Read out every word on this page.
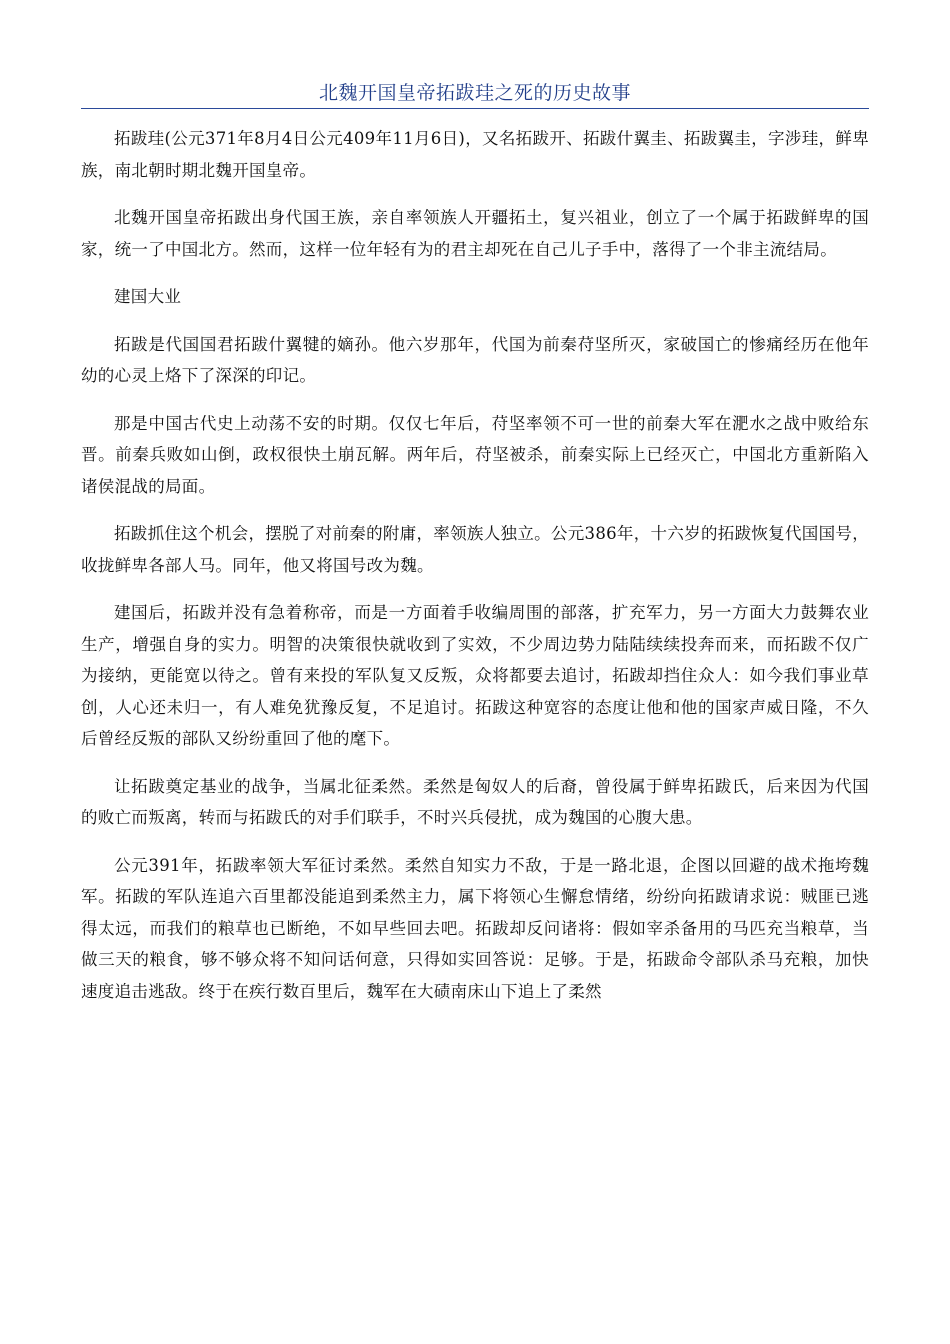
北魏开国皇帝拓跋珪之死的历史故事

拓跋珪(公元371年8月4日公元409年11月6日)，又名拓跋开、拓跋什翼圭、拓跋翼圭，字涉珪，鲜卑族，南北朝时期北魏开国皇帝。

北魏开国皇帝拓跋出身代国王族，亲自率领族人开疆拓土，复兴祖业，创立了一个属于拓跋鲜卑的国家，统一了中国北方。然而，这样一位年轻有为的君主却死在自己儿子手中，落得了一个非主流结局。

建国大业

拓跋是代国国君拓跋什翼犍的嫡孙。他六岁那年，代国为前秦苻坚所灭，家破国亡的惨痛经历在他年幼的心灵上烙下了深深的印记。

那是中国古代史上动荡不安的时期。仅仅七年后，苻坚率领不可一世的前秦大军在淝水之战中败给东晋。前秦兵败如山倒，政权很快土崩瓦解。两年后，苻坚被杀，前秦实际上已经灭亡，中国北方重新陷入诸侯混战的局面。

拓跋抓住这个机会，摆脱了对前秦的附庸，率领族人独立。公元386年，十六岁的拓跋恢复代国国号，收拢鲜卑各部人马。同年，他又将国号改为魏。

建国后，拓跋并没有急着称帝，而是一方面着手收编周围的部落，扩充军力，另一方面大力鼓舞农业生产，增强自身的实力。明智的决策很快就收到了实效，不少周边势力陆陆续续投奔而来，而拓跋不仅广为接纳，更能宽以待之。曾有来投的军队复又反叛，众将都要去追讨，拓跋却挡住众人：如今我们事业草创，人心还未归一，有人难免犹豫反复，不足追讨。拓跋这种宽容的态度让他和他的国家声威日隆，不久后曾经反叛的部队又纷纷重回了他的麾下。

让拓跋奠定基业的战争，当属北征柔然。柔然是匈奴人的后裔，曾役属于鲜卑拓跋氏，后来因为代国的败亡而叛离，转而与拓跋氏的对手们联手，不时兴兵侵扰，成为魏国的心腹大患。

公元391年，拓跋率领大军征讨柔然。柔然自知实力不敌，于是一路北退，企图以回避的战术拖垮魏军。拓跋的军队连追六百里都没能追到柔然主力，属下将领心生懈怠情绪，纷纷向拓跋请求说：贼匪已逃得太远，而我们的粮草也已断绝，不如早些回去吧。拓跋却反问诸将：假如宰杀备用的马匹充当粮草，当做三天的粮食，够不够众将不知问话何意，只得如实回答说：足够。于是，拓跋命令部队杀马充粮，加快速度追击逃敌。终于在疾行数百里后，魏军在大碛南床山下追上了柔然
